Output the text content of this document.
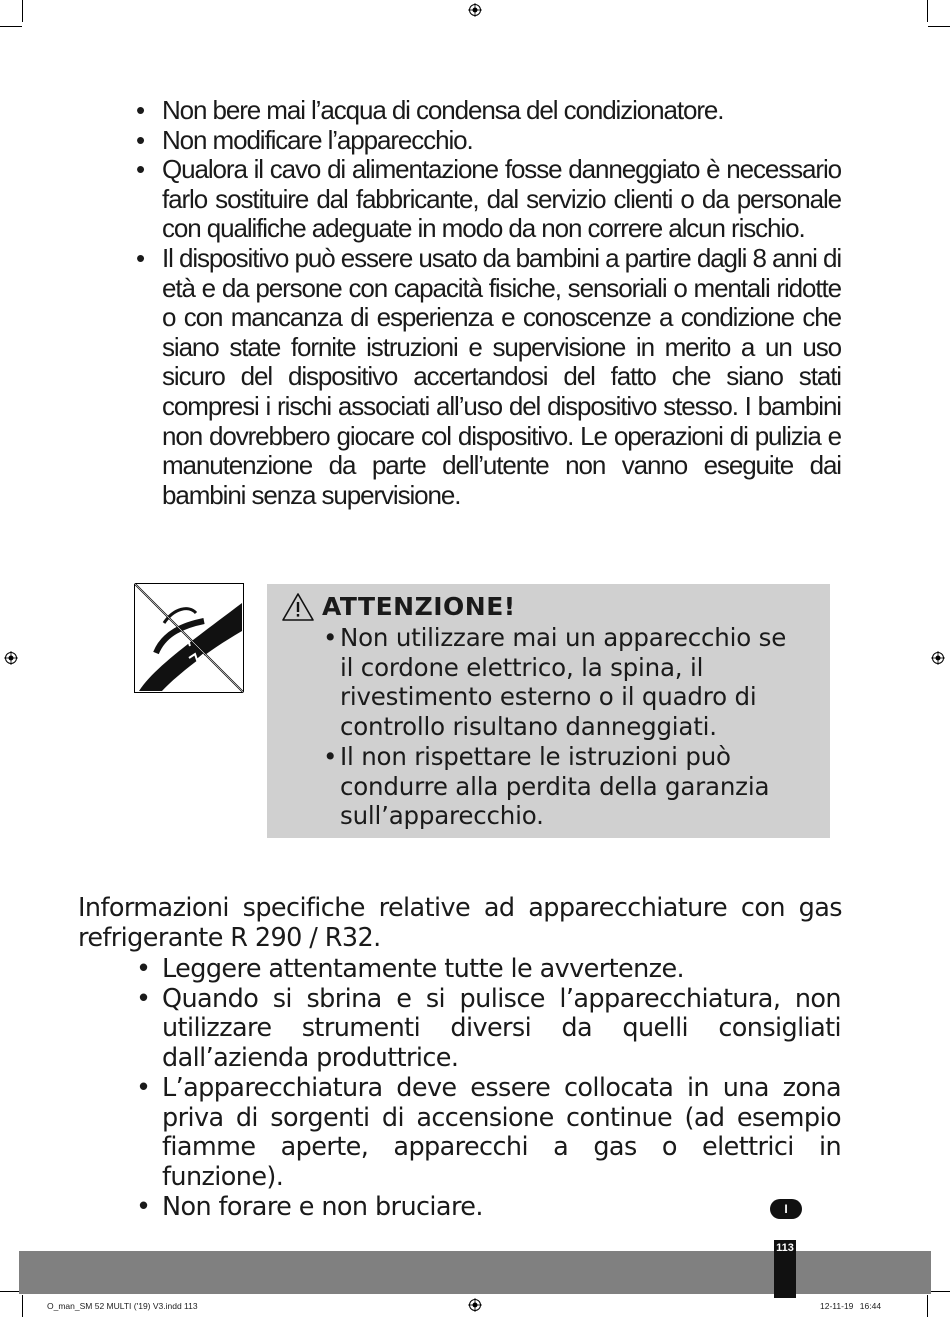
• Non bere mai l’acqua di condensa del condizionatore.
• Non modificare l’apparecchio.
• Qualora il cavo di alimentazione fosse danneggiato è necessario farlo sostituire dal fabbricante, dal servizio clienti o da personale con qualifiche adeguate in modo da non correre alcun rischio.
• Il dispositivo può essere usato da bambini a partire dagli 8 anni di età e da persone con capacità fisiche, sensoriali o mentali ridotte o con mancanza di esperienza e conoscenze a condizione che siano state fornite istruzioni e supervisione in merito a un uso sicuro del dispositivo accertandosi del fatto che siano stati compresi i rischi associati all’uso del dispositivo stesso. I bambini non dovrebbero giocare col dispositivo. Le operazioni di pulizia e manutenzione da parte dell’utente non vanno eseguite dai bambini senza supervisione.
ATTENZIONE!
• Non utilizzare mai un apparecchio se il cordone elettrico, la spina, il rivestimento esterno o il quadro di controllo risultano danneggiati.
• Il non rispettare le istruzioni può condurre alla perdita della garanzia sull’apparecchio.
Informazioni specifiche relative ad apparecchiature con gas refrigerante R 290 / R32.
• Leggere attentamente tutte le avvertenze.
• Quando si sbrina e si pulisce l’apparecchiatura, non utilizzare strumenti diversi da quelli consigliati dall’azienda produttrice.
• L’apparecchiatura deve essere collocata in una zona priva di sorgenti di accensione continue (ad esempio fiamme aperte, apparecchi a gas o elettrici in funzione).
• Non forare e non bruciare.	I
113
O_man_SM 52 MULTI ('19) V3.indd 113	12-11-19 16:44
